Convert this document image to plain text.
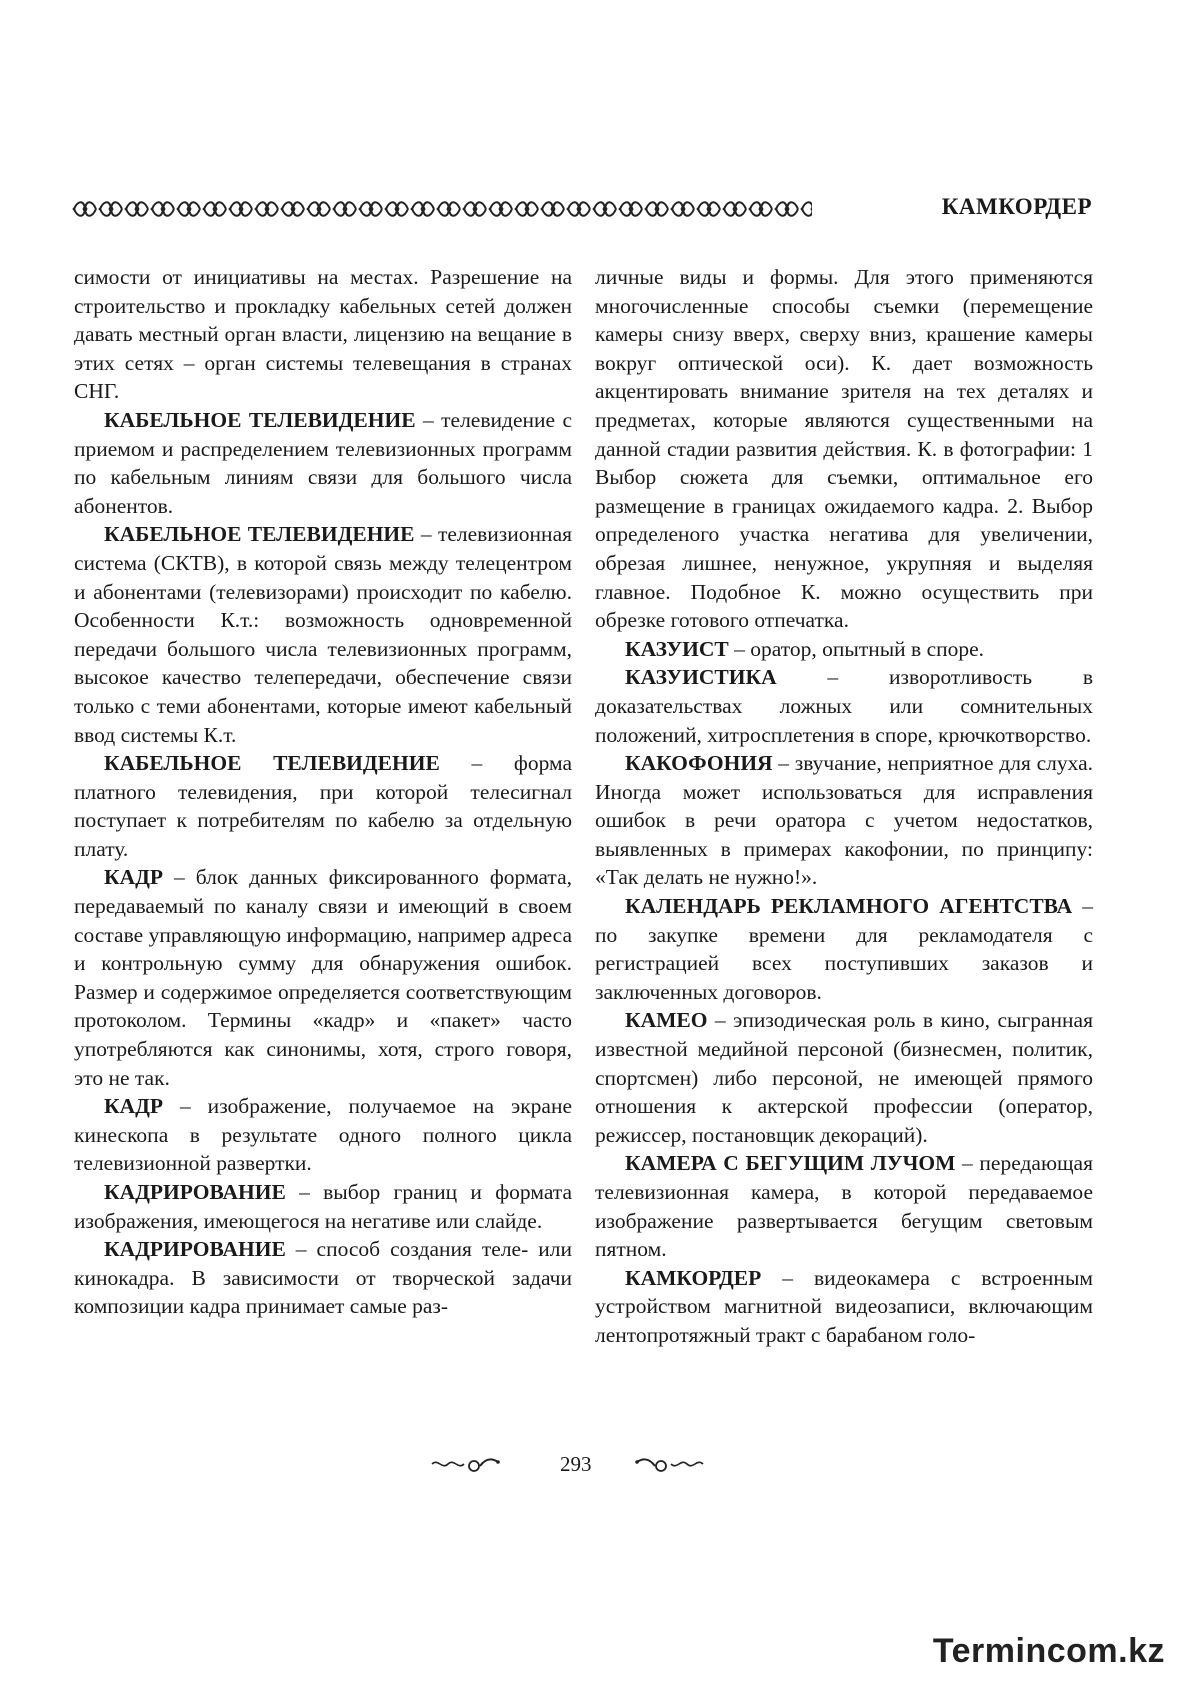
КАМКОРДЕР

симости от инициативы на местах. Разрешение на строительство и прокладку кабельных сетей должен давать местный орган власти, лицензию на вещание в этих сетях – орган системы телевещания в странах СНГ.

КАБЕЛЬНОЕ ТЕЛЕВИДЕНИЕ – телевидение с приемом и распределением телевизионных программ по кабельным линиям связи для большого числа абонентов.

КАБЕЛЬНОЕ ТЕЛЕВИДЕНИЕ – телевизионная система (СКТВ), в которой связь между телецентром и абонентами (телевизорами) происходит по кабелю. Особенности К.т.: возможность одновременной передачи большого числа телевизионных программ, высокое качество телепередачи, обеспечение связи только с теми абонентами, которые имеют кабельный ввод системы К.т.

КАБЕЛЬНОЕ ТЕЛЕВИДЕНИЕ – форма платного телевидения, при которой телесигнал поступает к потребителям по кабелю за отдельную плату.

КАДР – блок данных фиксированного формата, передаваемый по каналу связи и имеющий в своем составе управляющую информацию, например адреса и контрольную сумму для обнаружения ошибок. Размер и содержимое определяется соответствующим протоколом. Термины «кадр» и «пакет» часто употребляются как синонимы, хотя, строго говоря, это не так.

КАДР – изображение, получаемое на экране кинескопа в результате одного полного цикла телевизионной развертки.

КАДРИРОВАНИЕ – выбор границ и формата изображения, имеющегося на негативе или слайде.

КАДРИРОВАНИЕ – способ создания теле- или кинокадра. В зависимости от творческой задачи композиции кадра принимает самые раз-

личные виды и формы. Для этого применяются многочисленные способы съемки (перемещение камеры снизу вверх, сверху вниз, крашение камеры вокруг оптической оси). К. дает возможность акцентировать внимание зрителя на тех деталях и предметах, которые являются существенными на данной стадии развития действия. К. в фотографии: 1 Выбор сюжета для съемки, оптимальное его размещение в границах ожидаемого кадра. 2. Выбор определеного участка негатива для увеличении, обрезая лишнее, ненужное, укрупняя и выделяя главное. Подобное К. можно осуществить при обрезке готового отпечатка.

КАЗУИСТ – оратор, опытный в споре.

КАЗУИСТИКА – изворотливость в доказательствах ложных или сомнительных положений, хитросплетения в споре, крючкотворство.

КАКОФОНИЯ – звучание, неприятное для слуха. Иногда может использоваться для исправления ошибок в речи оратора с учетом недостатков, выявленных в примерах какофонии, по принципу: «Так делать не нужно!».

КАЛЕНДАРЬ РЕКЛАМНОГО АГЕНТСТВА – по закупке времени для рекламодателя с регистрацией всех поступивших заказов и заключенных договоров.

КАМЕО – эпизодическая роль в кино, сыгранная известной медийной персоной (бизнесмен, политик, спортсмен) либо персоной, не имеющей прямого отношения к актерской профессии (оператор, режиссер, постановщик декораций).

КАМЕРА С БЕГУЩИМ ЛУЧОМ – передающая телевизионная камера, в которой передаваемое изображение развертывается бегущим световым пятном.

КАМКОРДЕР – видеокамера с встроенным устройством магнитной видеозаписи, включающим лентопротяжный тракт с барабаном голо-

293
Termincom.kz
